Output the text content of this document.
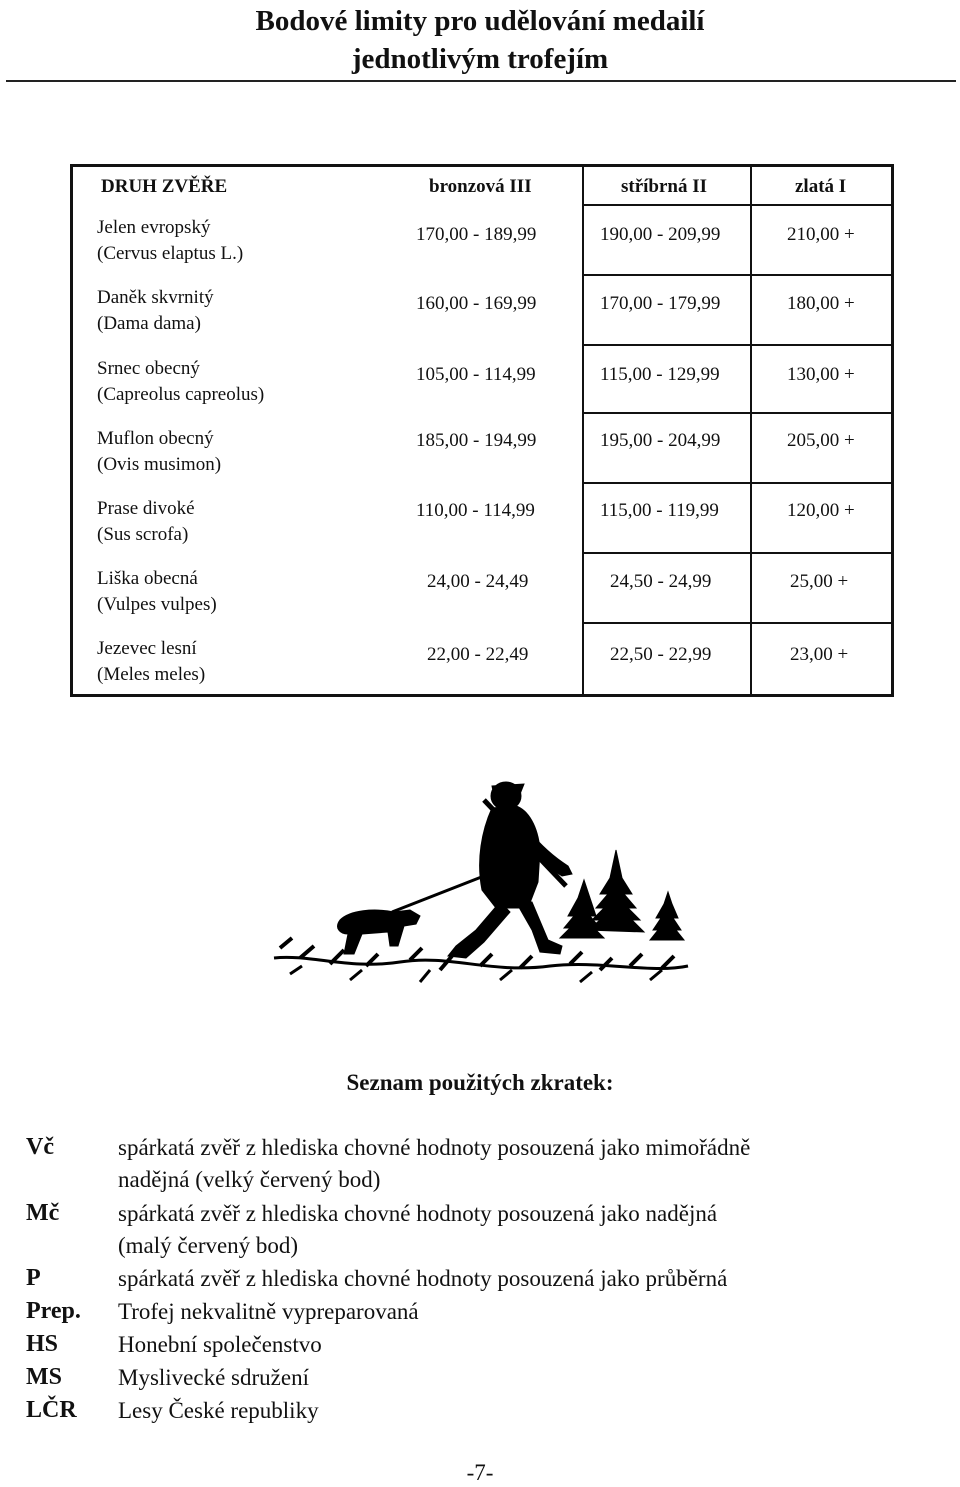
Bodové limity pro udělování medailí
jednotlivým trofejím
DRUH ZVĚŘE	bronzová III	stříbrná II	zlatá I
Jelen evropský
(Cervus elaptus L.)
170,00 - 189,99	190,00 - 209,99	210,00 +
Daněk skvrnitý
(Dama dama)
160,00 - 169,99	170,00 - 179,99	180,00 +
Srnec obecný
(Capreolus capreolus)
105,00 - 114,99	115,00 - 129,99	130,00 +
Muflon obecný
(Ovis musimon)
185,00 - 194,99	195,00 - 204,99	205,00 +
Prase divoké
(Sus scrofa)
110,00 - 114,99	115,00 - 119,99	120,00 +
Liška obecná
(Vulpes vulpes)
24,00 - 24,49	24,50 - 24,99	25,00 +
Jezevec lesní
(Meles meles)
22,00 - 22,49	22,50 - 22,99	23,00 +
Seznam použitých zkratek:
Vč	spárkatá zvěř z hlediska chovné hodnoty posouzená jako mimořádně
nadějná (velký červený bod)
Mč	spárkatá zvěř z hlediska chovné hodnoty posouzená jako nadějná
(malý červený bod)
P	spárkatá zvěř z hlediska chovné hodnoty posouzená jako průběrná
Prep. Trofej nekvalitně vypreparovaná
HS	Honební společenstvo
MS Myslivecké sdružení
LČR Lesy České republiky
-7-
